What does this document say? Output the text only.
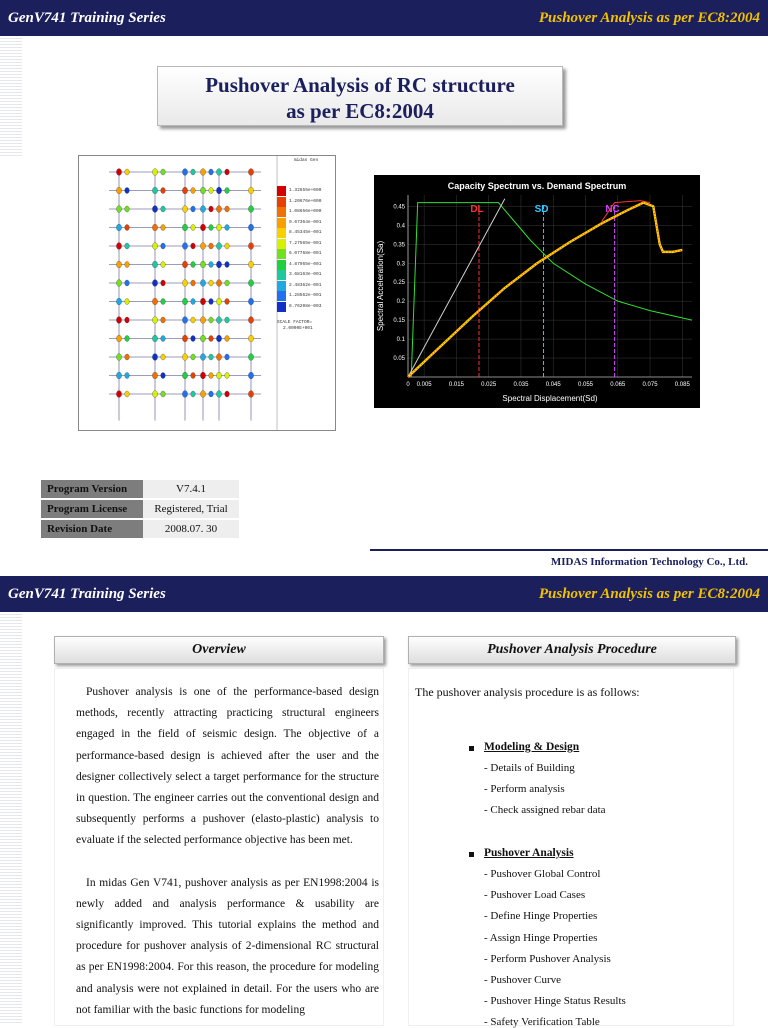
GenV741 Training Series	Pushover Analysis as per EC8:2004
Pushover Analysis of RC structure
as per EC8:2004
midas Gen
1.32655e+000
1.20676e+000
1.08656e+000
9.67364e-001
8.45345e-001
7.27565e-001
6.07768e-001
4.87965e-001
3.68163e-001
2.48362e-001
1.28562e-001
8.76208e-003
SCALE FACTOR=
2.0000E+001
Capacity Spectrum vs. Demand Spectrum
0 0.005	0.015	0.025	0.035	0.045	0.055	0.065	0.075	0.085
0.05
0.1
0.15
0.2
0.25
0.3
0.35
0.4
0.45
Spectral Displacement(Sd)
Spectral Acceleration(Sa)
DL	SD	NC
Program Version	V7.4.1
Program License	Registered, Trial
Revision Date	2008.07. 30
MIDAS Information Technology Co., Ltd.
GenV741 Training Series	Pushover Analysis as per EC8:2004
Overview	Pushover Analysis Procedure

Pushover analysis is one of the performance-based design methods, recently attracting practicing structural engineers engaged in the field of seismic design. The objective of a performance-based design is achieved after the user and the designer collectively select a target performance for the structure in question. The engineer carries out the conventional design and subsequently performs a pushover (elasto-plastic) analysis to evaluate if the selected performance objective has been met.

In midas Gen V741, pushover analysis as per EN1998:2004 is newly added and analysis performance & usability are significantly improved. This tutorial explains the method and procedure for pushover analysis of 2-dimensional RC structural as per EN1998:2004. For this reason, the procedure for modeling and analysis were not explained in detail. For the users who are not familiar with the basic functions for modeling

The pushover analysis procedure is as follows:

Modeling & Design
- Details of Building
- Perform analysis
- Check assigned rebar data
Pushover Analysis
- Pushover Global Control
- Pushover Load Cases
- Define Hinge Properties
- Assign Hinge Properties
- Perform Pushover Analysis
- Pushover Curve
- Pushover Hinge Status Results
- Safety Verification Table
